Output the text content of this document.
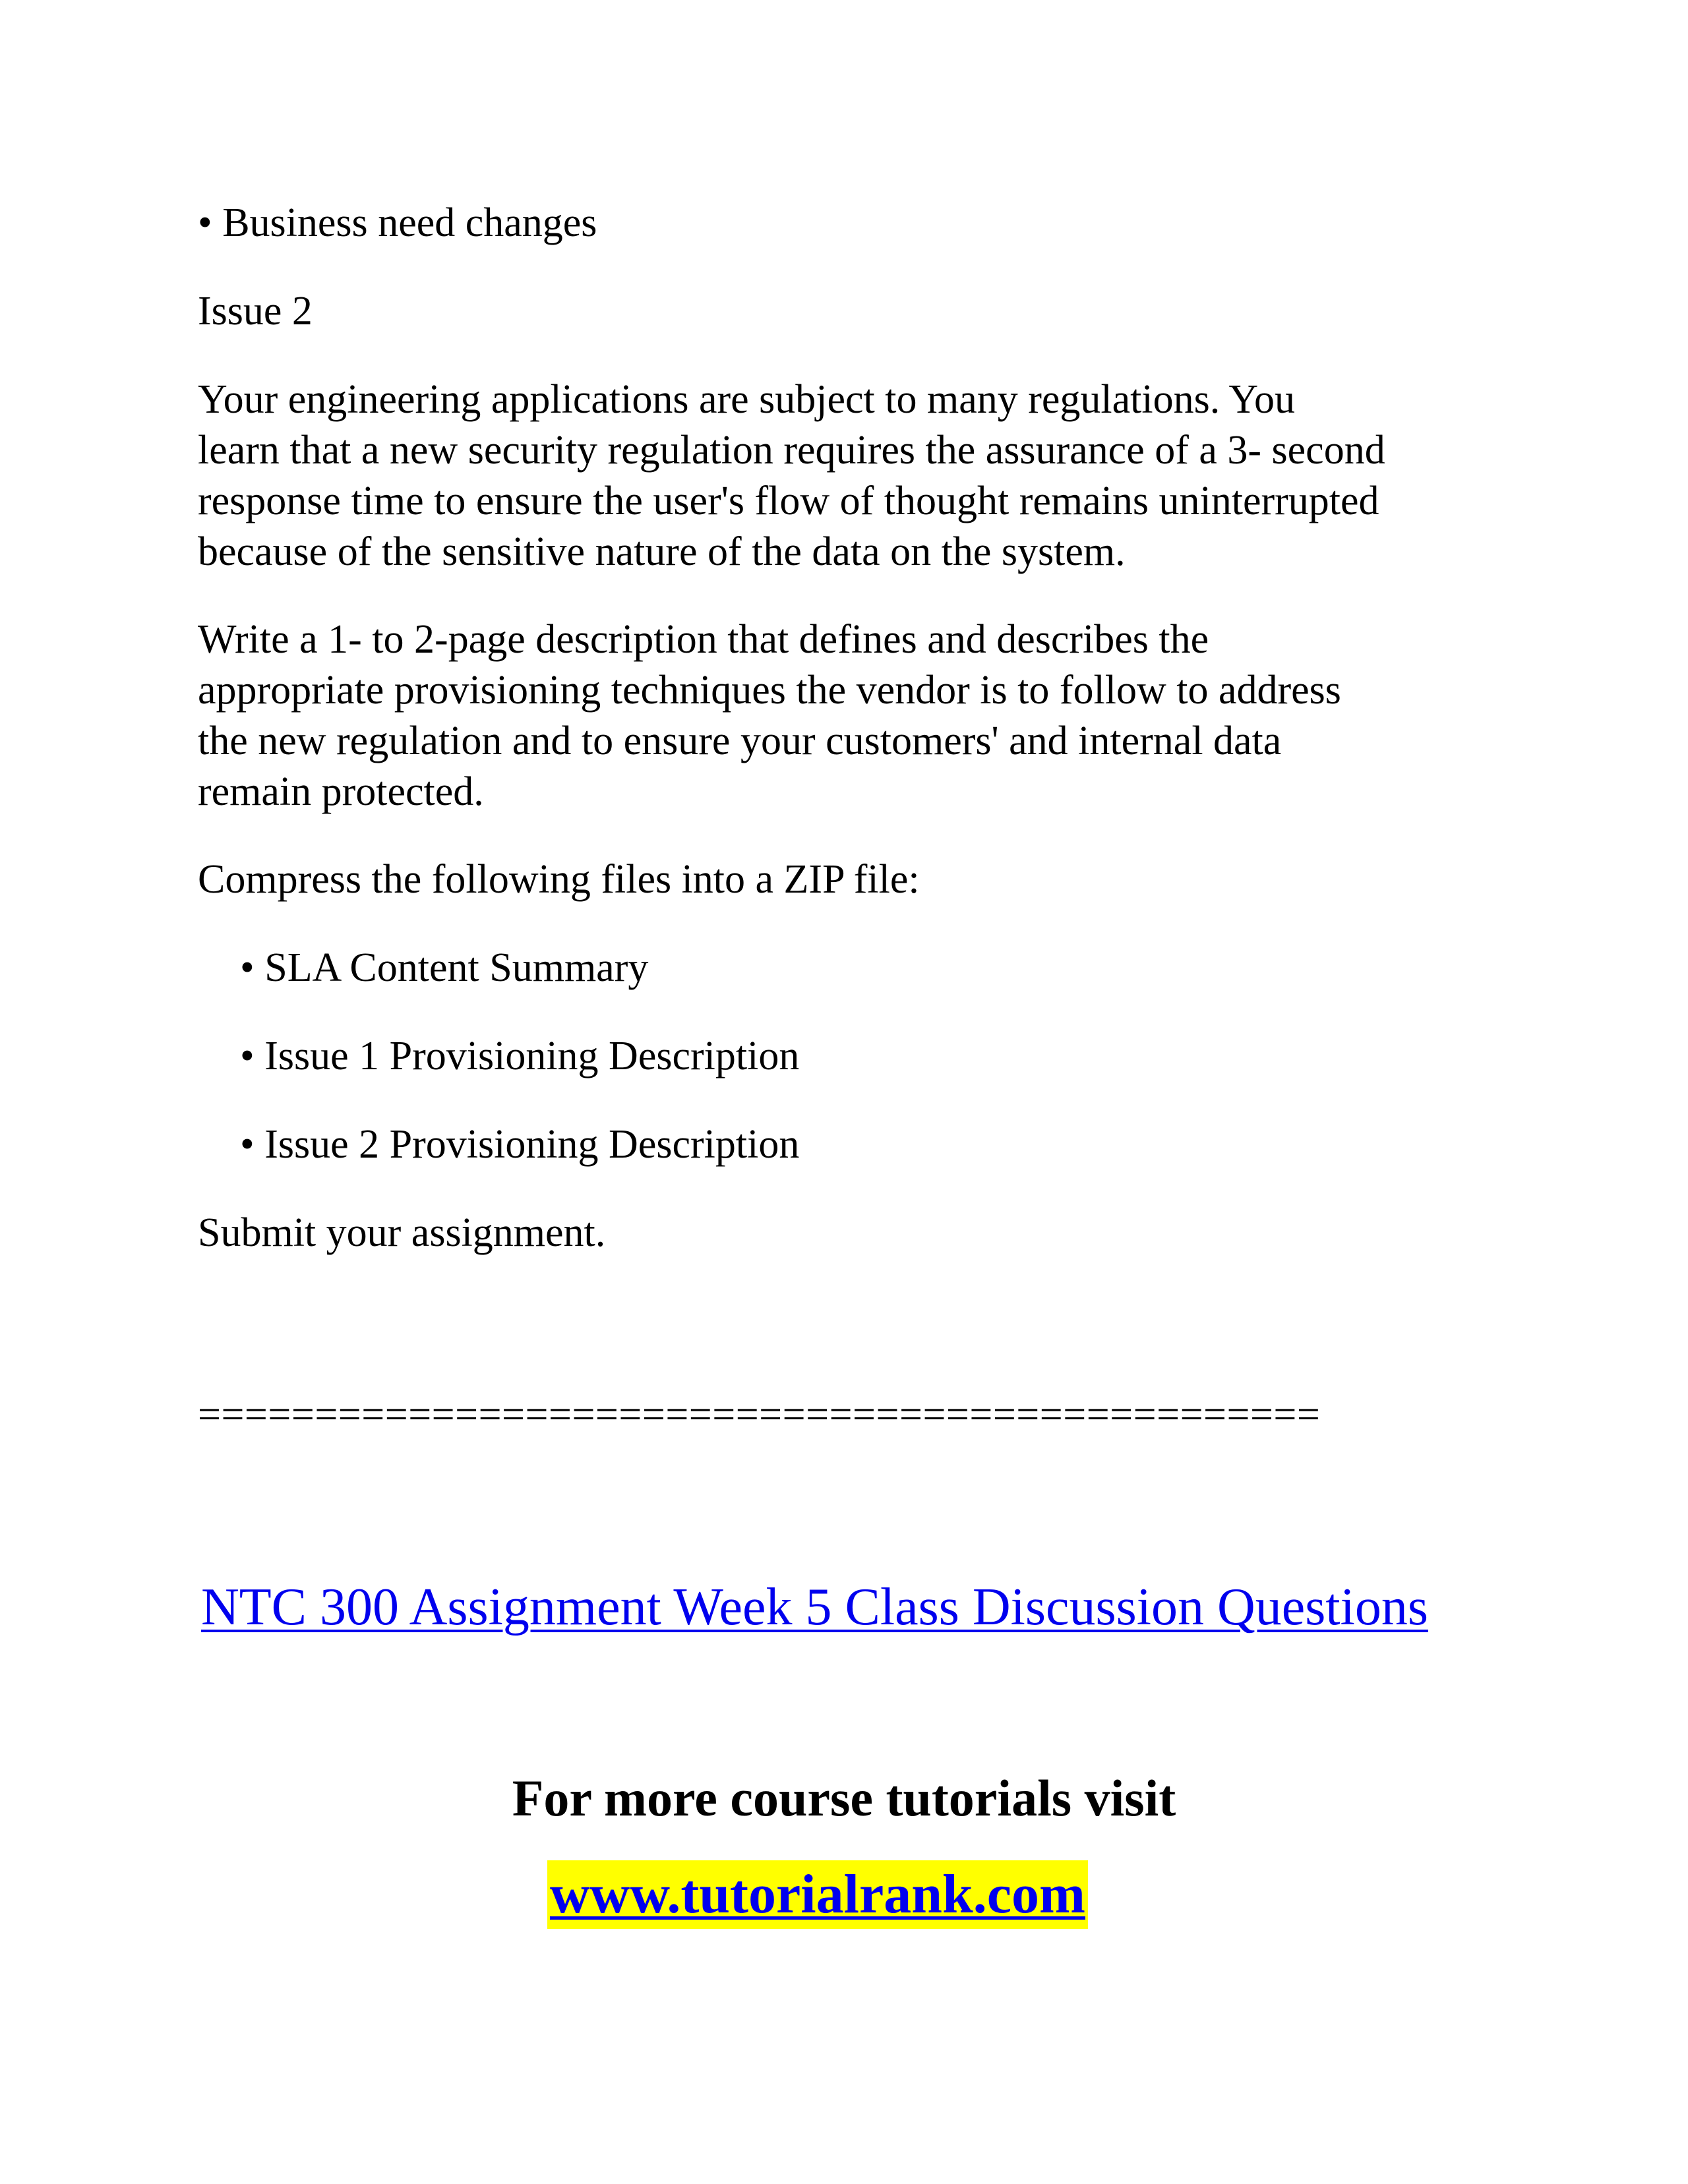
• Business need changes

Issue 2

Your engineering applications are subject to many regulations. You
learn that a new security regulation requires the assurance of a 3- second
response time to ensure the user's flow of thought remains uninterrupted
because of the sensitive nature of the data on the system.
Write a 1- to 2-page description that defines and describes the
appropriate provisioning techniques the vendor is to follow to address
the new regulation and to ensure your customers' and internal data
remain protected.

Compress the following files into a ZIP file:

• SLA Content Summary

• Issue 1 Provisioning Description

• Issue 2 Provisioning Description

Submit your assignment.

================================================
NTC 300 Assignment Week 5 Class Discussion Questions
For more course tutorials visit
www.tutorialrank.com
